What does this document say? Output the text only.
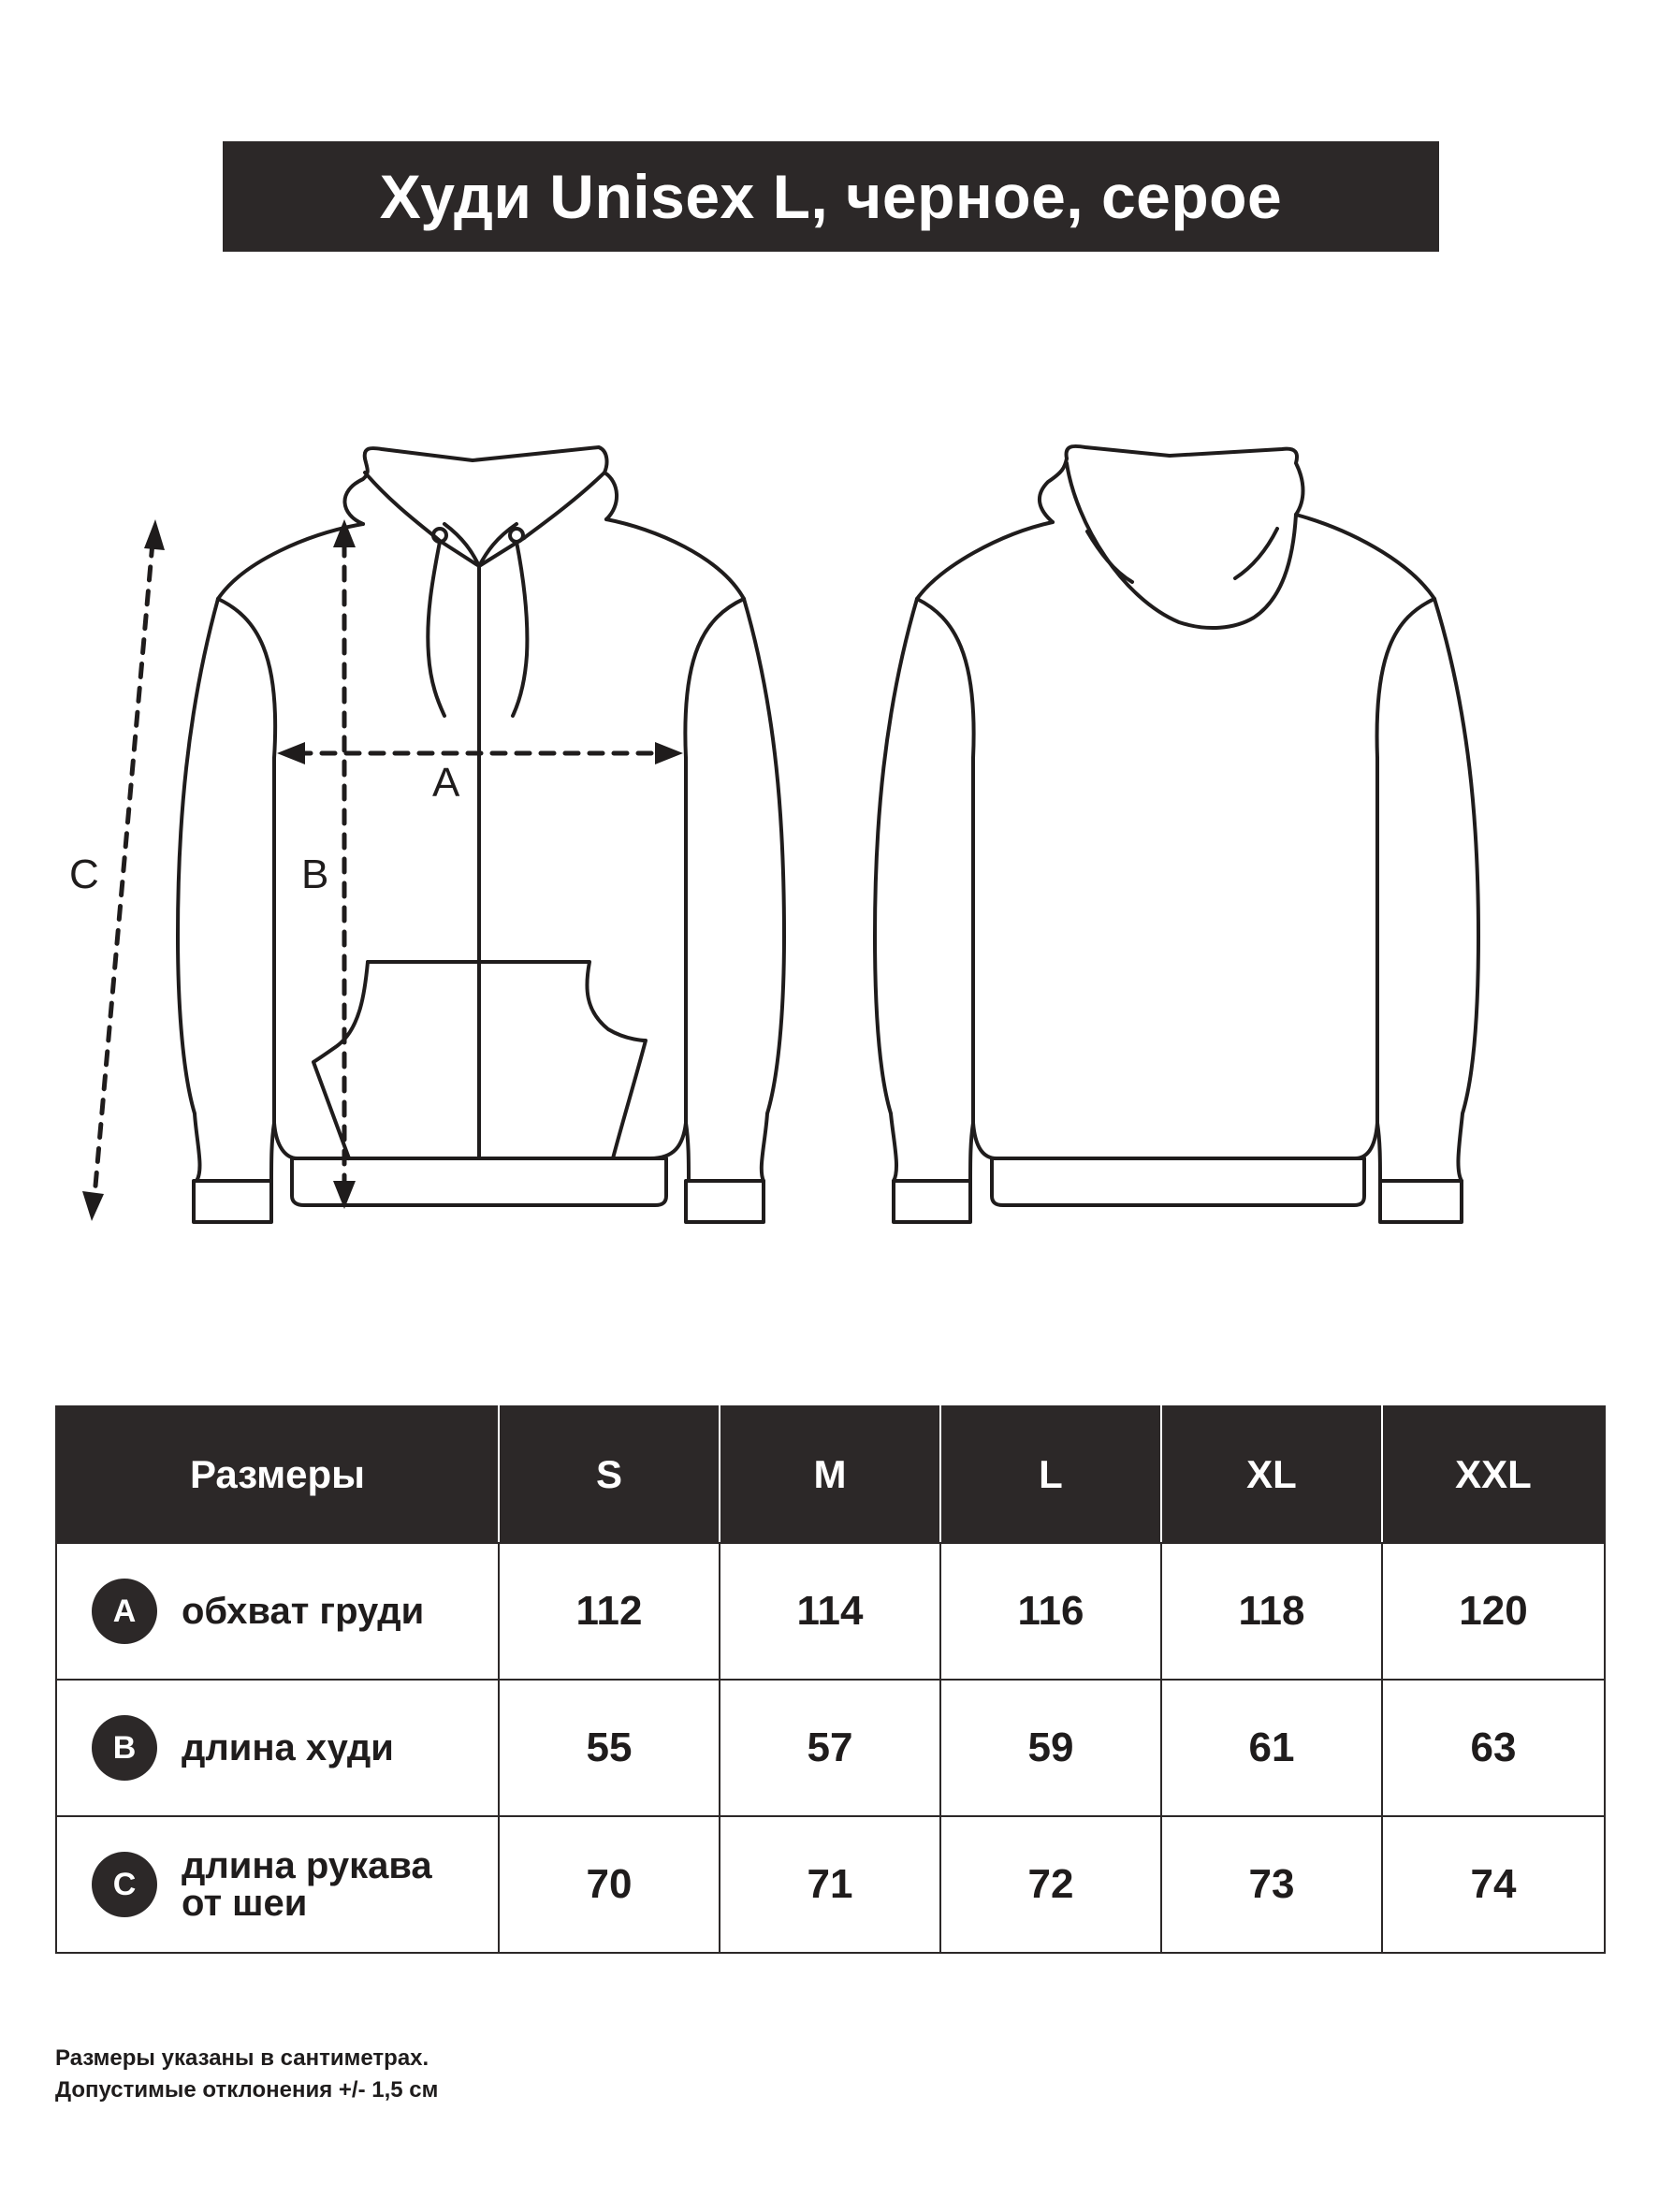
Худи Unisex L, черное, серое
A
B
C
Размеры	S	M	L	XL	XXL

A обхват груди	112	114	116	118	120

B длина худи	55	57	59	61	63

C длина рукава от шеи	70	71	72	73	74
Размеры указаны в сантиметрах.
Допустимые отклонения +/- 1,5 см
